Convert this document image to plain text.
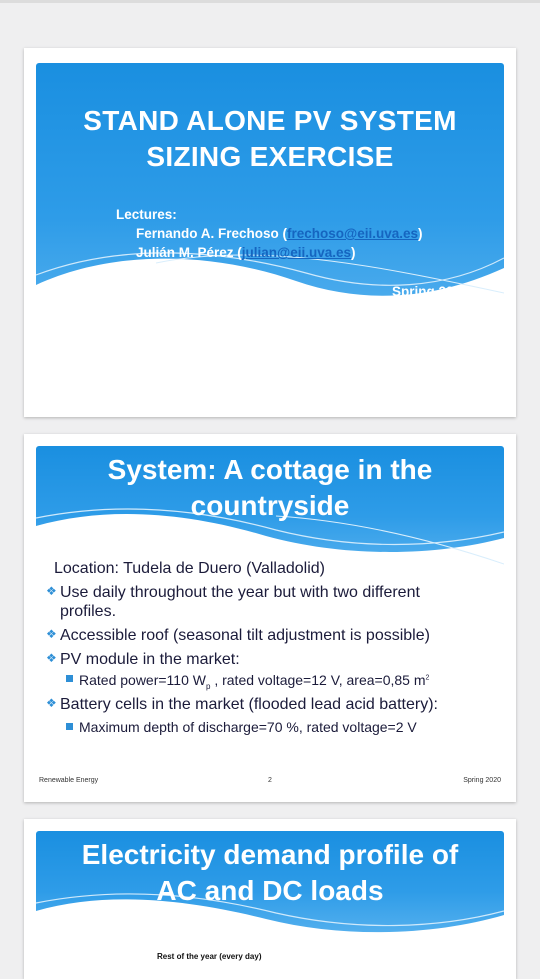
STAND ALONE PV SYSTEM
SIZING EXERCISE
Lectures:
Fernando A. Frechoso (frechoso@eii.uva.es)
Julián M. Pérez (julian@eii.uva.es)
Spring 2020
System: A cottage in the
countryside
Location: Tudela de Duero (Valladolid)
❖ Use daily throughout the year but with two different
profiles.
❖ Accessible roof (seasonal tilt adjustment is possible)
❖ PV module in the market:
Rated power=110 $W_p$ , rated voltage=12 V, area=0,85 $m^2$
❖ Battery cells in the market (flooded lead acid battery):
Maximum depth of discharge=70 %, rated voltage=2 V
Renewable Energy	2	Spring 2020
Electricity demand profile of
AC and DC loads
Rest of the year (every day)
